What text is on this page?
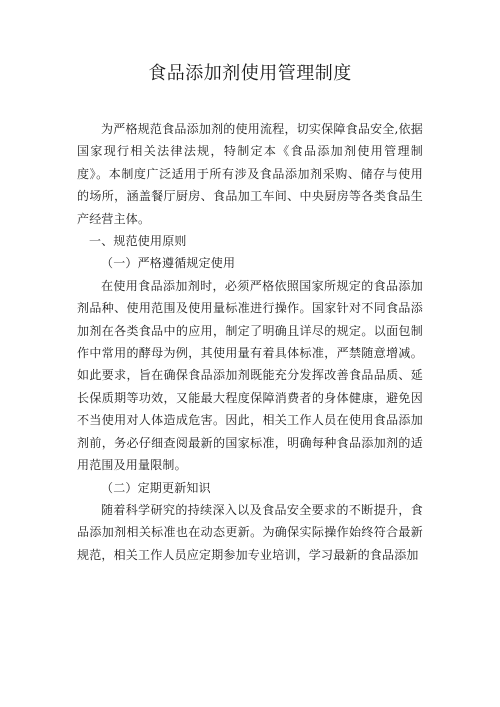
食品添加剂使用管理制度

为严格规范食品添加剂的使用流程，切实保障食品安全,依据国家现行相关法律法规，特制定本《食品添加剂使用管理制度》。本制度广泛适用于所有涉及食品添加剂采购、储存与使用的场所，涵盖餐厅厨房、食品加工车间、中央厨房等各类食品生产经营主体。

一、规范使用原则

（一）严格遵循规定使用

在使用食品添加剂时，必须严格依照国家所规定的食品添加剂品种、使用范围及使用量标准进行操作。国家针对不同食品添加剂在各类食品中的应用，制定了明确且详尽的规定。以面包制作中常用的酵母为例，其使用量有着具体标准，严禁随意增减。如此要求，旨在确保食品添加剂既能充分发挥改善食品品质、延长保质期等功效，又能最大程度保障消费者的身体健康，避免因不当使用对人体造成危害。因此，相关工作人员在使用食品添加剂前，务必仔细查阅最新的国家标准，明确每种食品添加剂的适用范围及用量限制。

（二）定期更新知识

随着科学研究的持续深入以及食品安全要求的不断提升，食品添加剂相关标准也在动态更新。为确保实际操作始终符合最新规范，相关工作人员应定期参加专业培训，学习最新的食品添加
